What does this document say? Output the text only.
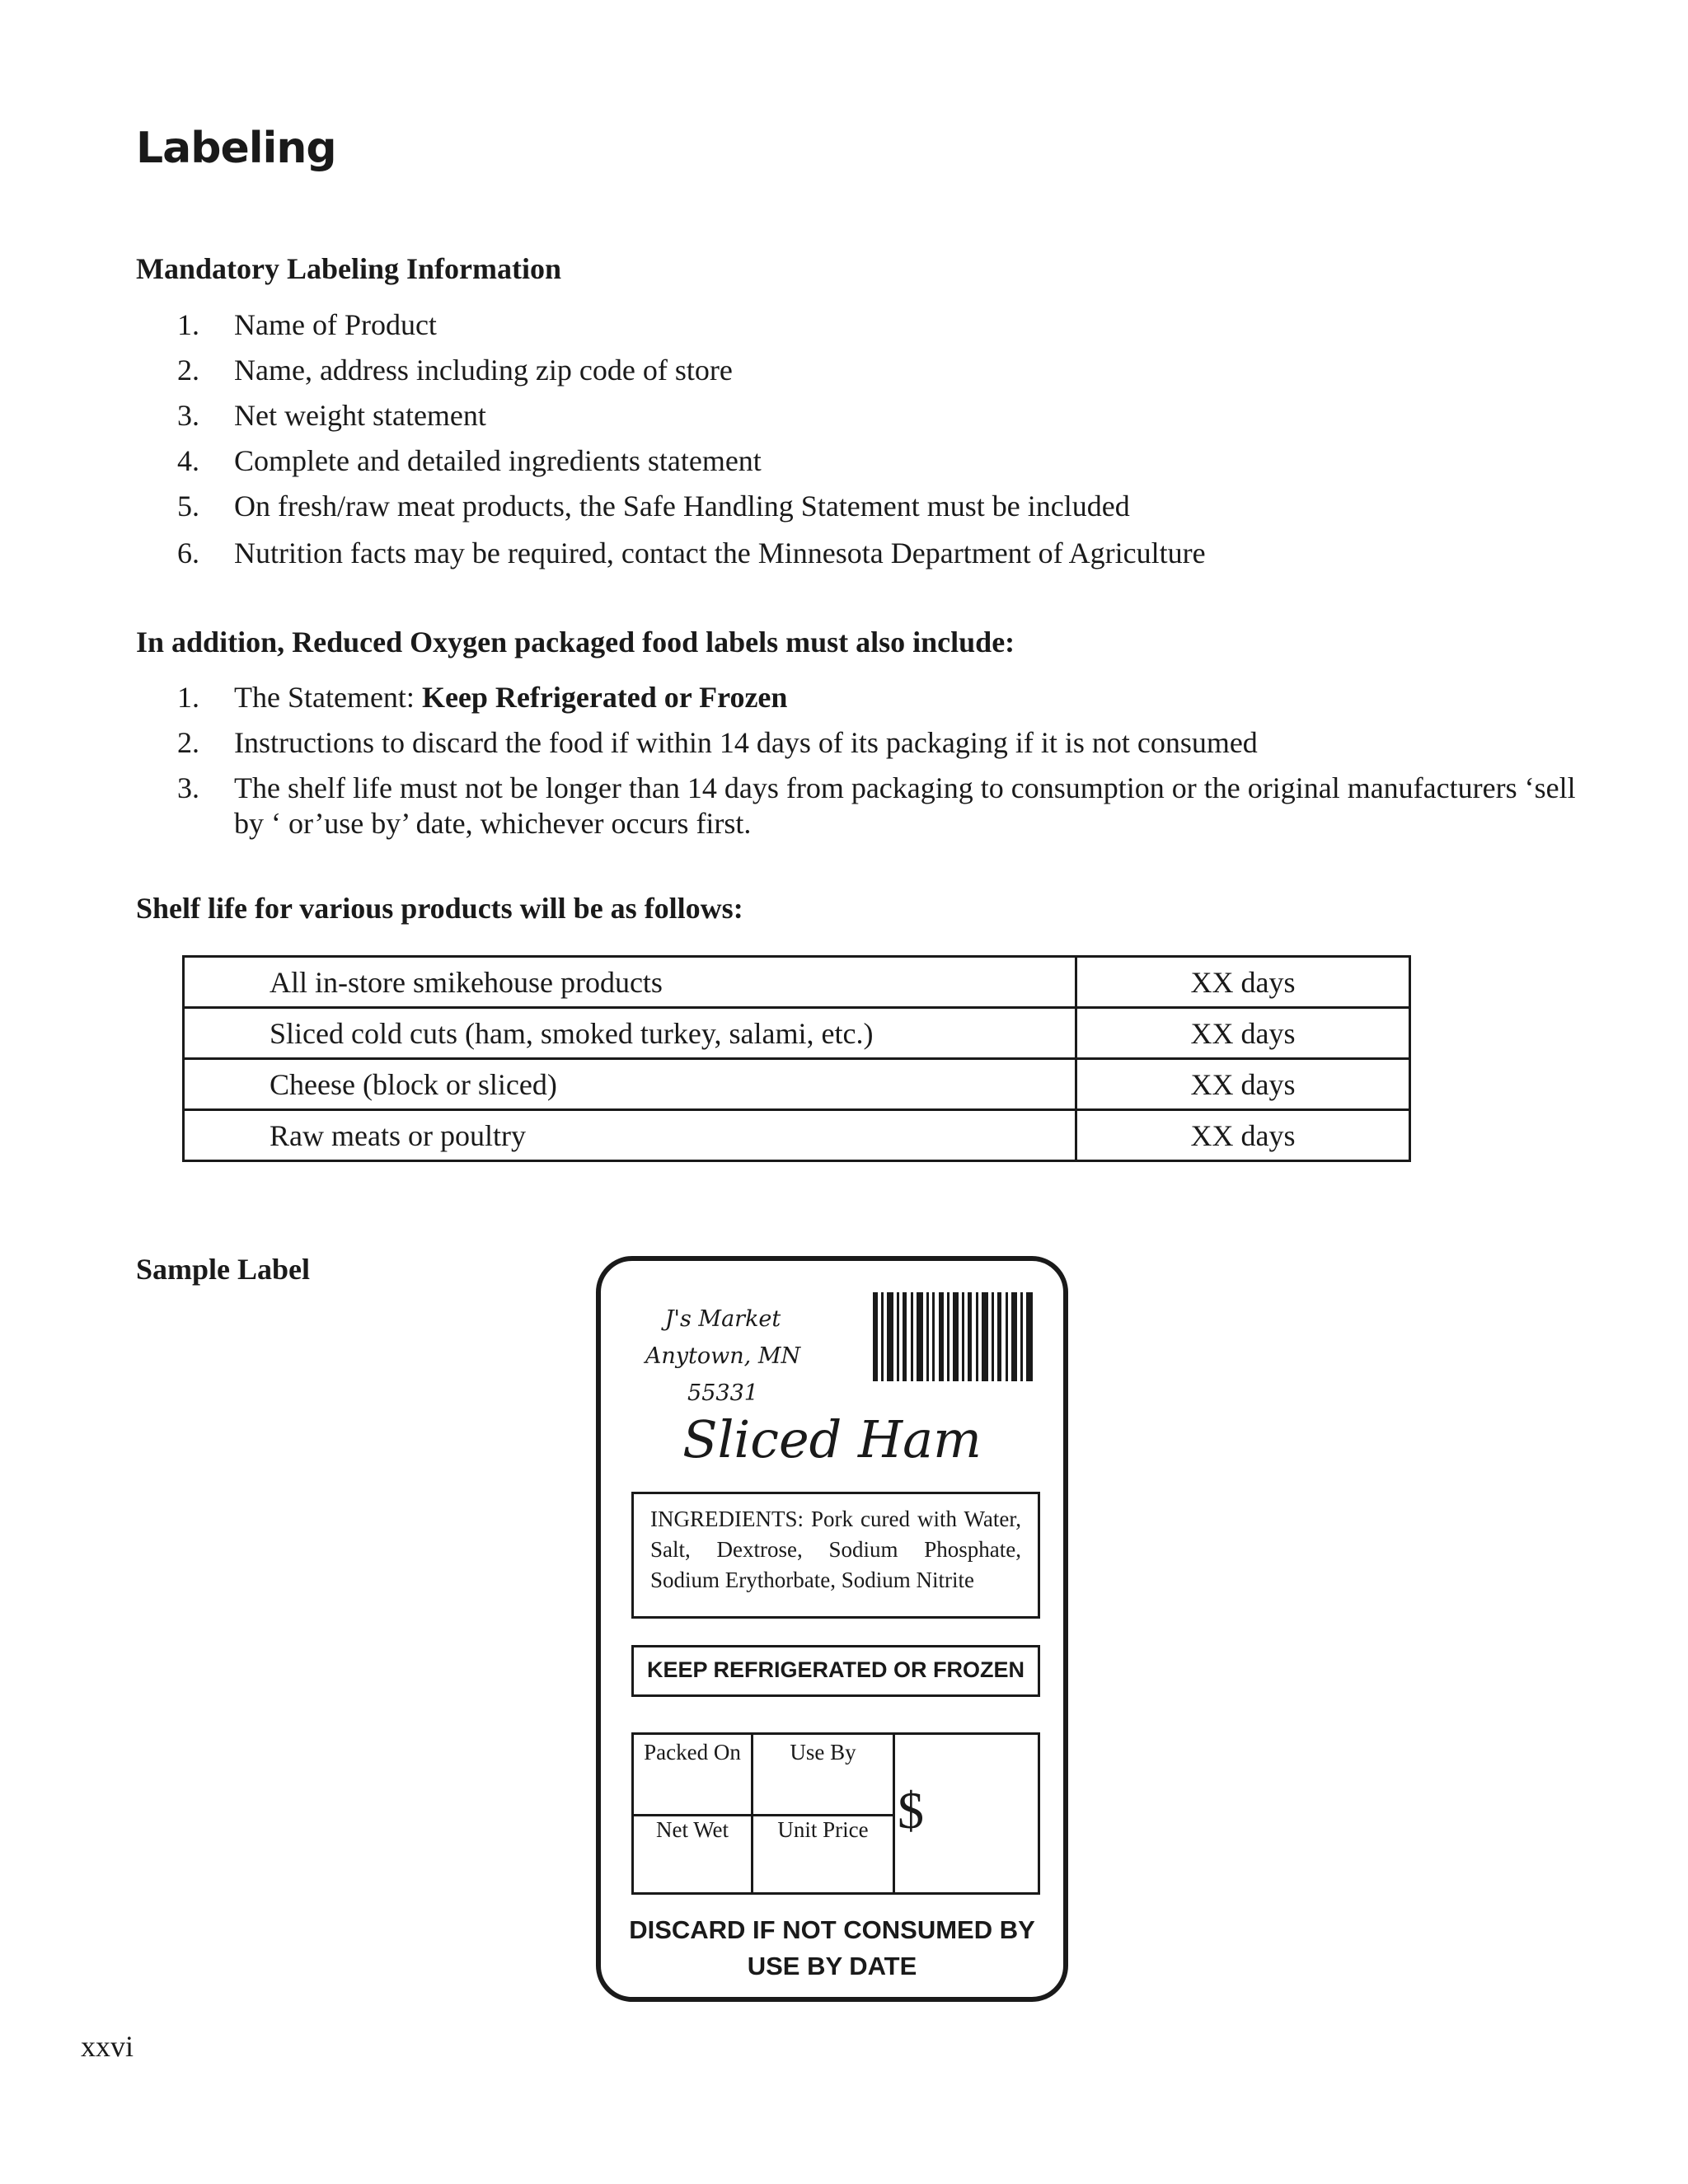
Labeling
Mandatory Labeling Information
1.	Name of Product
2.	Name, address including zip code of store
3.	Net weight statement
4.	Complete and detailed ingredients statement
5.	On fresh/raw meat products, the Safe Handling Statement must be included
6.	Nutrition facts may be required, contact the Minnesota Department of Agriculture
In addition, Reduced Oxygen packaged food labels must also include:
1.	The Statement: Keep Refrigerated or Frozen
2.	Instructions to discard the food if within 14 days of its packaging if it is not consumed
3.	The shelf life must not be longer than 14 days from packaging to consumption or the original manufacturers ‘sell by ‘ or’use by’ date, whichever occurs first.
Shelf life for various products will be as follows:
All in-store smikehouse products	XX days
Sliced cold cuts (ham, smoked turkey, salami, etc.)	XX days
Cheese (block or sliced)	XX days
Raw meats or poultry	XX days
Sample Label
J's Market
Anytown, MN 55331
Sliced Ham
INGREDIENTS: Pork cured with Water, Salt, Dextrose, Sodium Phosphate, Sodium Erythorbate, Sodium Nitrite
KEEP REFRIGERATED OR FROZEN
Packed On	Use By
Net Wet	Unit Price $
DISCARD IF NOT CONSUMED BY
USE BY DATE
xxvi
